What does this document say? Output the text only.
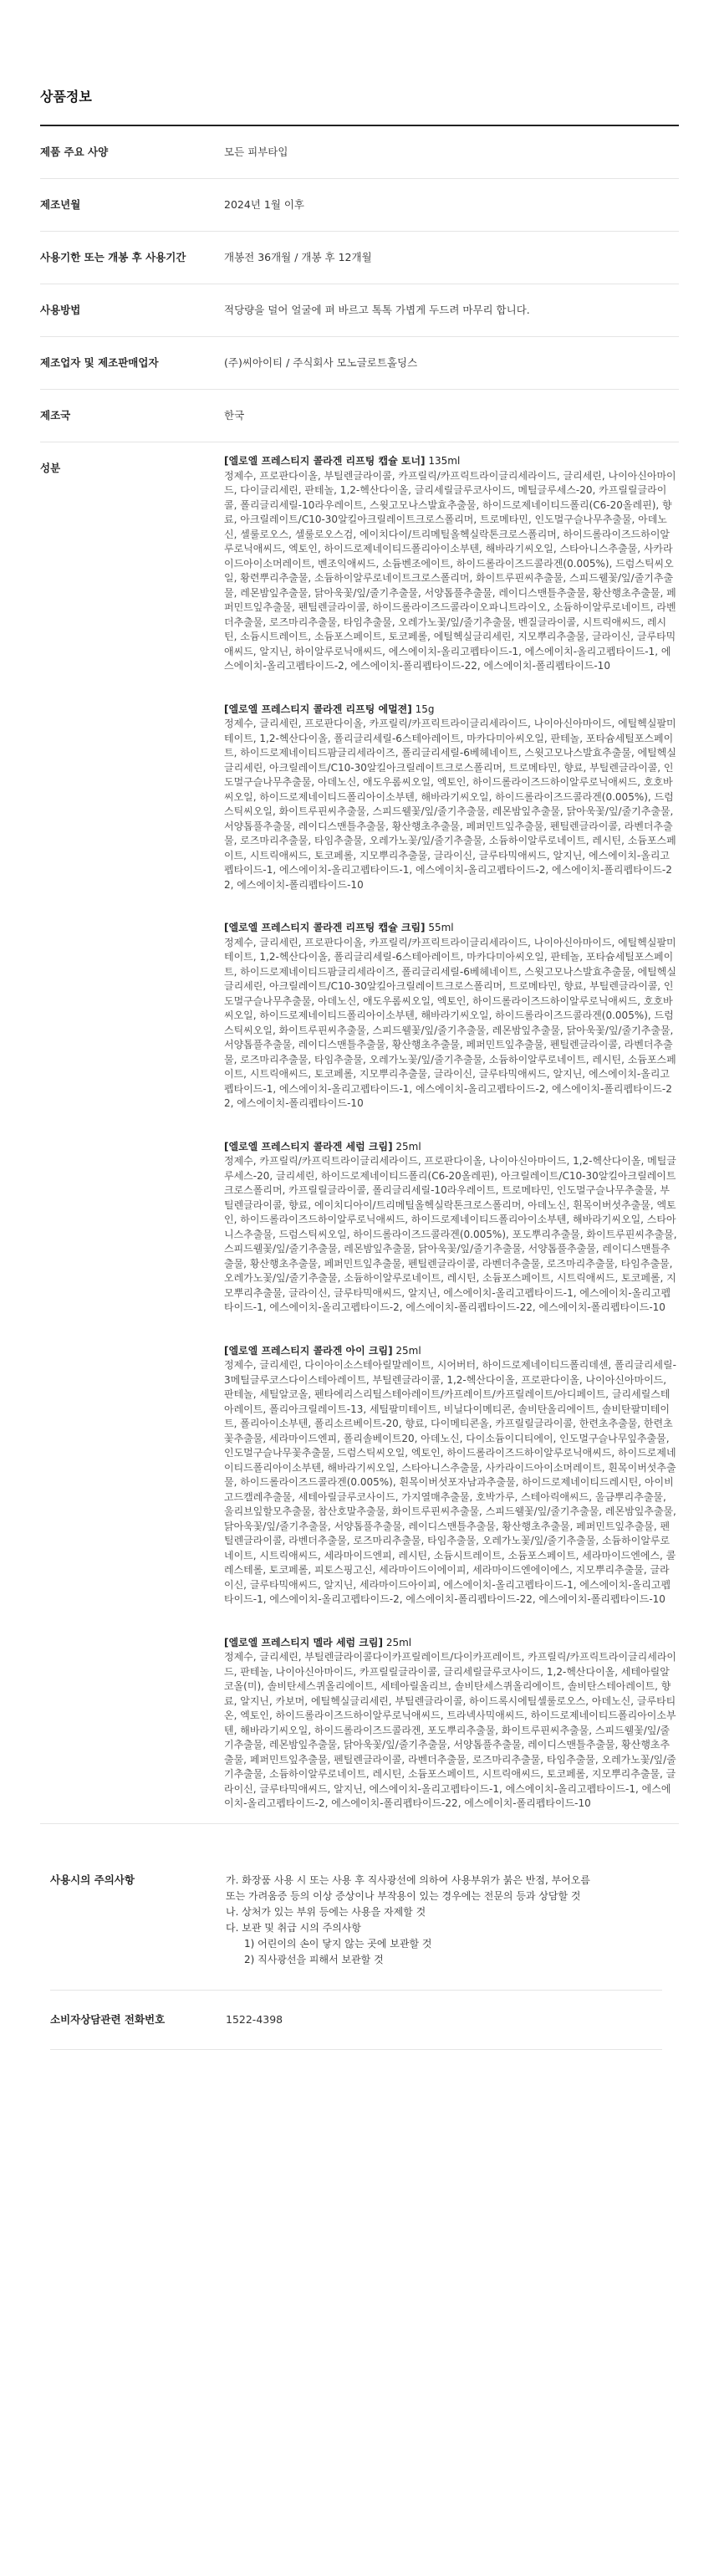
상품정보
제품 주요 사양	모든 피부타입
제조년월	2024년 1월 이후
사용기한 또는 개봉 후 사용기간	개봉전 36개월 / 개봉 후 12개월
사용방법	적당량을 덜어 얼굴에 펴 바르고 톡톡 가볍게 두드려 마무리 합니다.
제조업자 및 제조판매업자	(주)씨아이티 / 주식회사 모노글로트홀딩스
제조국	한국
성분
[엘로엘 프레스티지 콜라겐 리프팅 캡슐 토너] 135ml
정제수, 프로판다이올, 부틸렌글라이콜, 카프릴릭/카프릭트라이글리세라이드, 글리세린, 나이아신아마이드, 다이글리세린, 판테놀, 1,2-헥산다이올, 글리세릴글루코사이드, 메틸글루세스-20, 카프릴릴글라이콜, 폴리글리세릴-10라우레이트, 스윗고모나스발효추출물, 하이드로제네이티드폴리(C6-20올레핀), 향료, 아크릴레이트/C10-30알킬아크릴레이트크로스폴리머, 트로메타민, 인도멀구슬나무추출물, 아데노신, 셀룰로오스, 셀룰로오스검, 에이치다이/트리메틸올헥실락톤크로스폴리머, 하이드롤라이즈드하이알루로닉애씨드, 엑토인, 하이드로제네이티드폴리아이소부텐, 해바라기씨오일, 스타아니스추출물, 사카라이드아이소머레이트, 벤조익애씨드, 소듐벤조에이트, 하이드롤라이즈드콜라겐(0.005%), 드럼스틱씨오일, 황련뿌리추출물, 소듐하이알루로네이트크로스폴리머, 화이트루핀씨추출물, 스피드웰꽃/잎/줄기추출물, 레몬밤잎추출물, 닭아욱꽃/잎/줄기추출물, 서양톱풀추출물, 레이디스맨틀추출물, 황산행초추출물, 페퍼민트잎추출물, 펜틸렌글라이콜, 하이드롤라이즈드콜라이오파니트라이오, 소듐하이알루로네이트, 라벤더추출물, 로즈마리추출물, 타임추출물, 오레가노꽃/잎/줄기추출물, 벤질글라이콜, 시트릭애씨드, 레시틴, 소듐시트레이트, 소듐포스페이트, 토코페롤, 에틸헥실글리세린, 지모뿌리추출물, 글라이신, 글루타믹애씨드, 알지닌, 하이알루로닉애씨드, 에스에이치-올리고펩타이드-1, 에스에이치-올리고펩타이드-1, 에스에이치-올리고펩타이드-2, 에스에이치-폴리펩타이드-22, 에스에이치-폴리펩타이드-10
[엘로엘 프레스티지 콜라겐 리프팅 에멀젼] 15g
정제수, 글리세린, 프로판다이올, 카프릴릭/카프릭트라이글리세라이드, 나이아신아마이드, 에틸헥실팔미테이트, 1,2-헥산다이올, 폴리글리세릴-6스테아레이트, 마카다미아씨오일, 판테놀, 포타슘세틸포스페이트, 하이드로제네이티드팜글리세라이즈, 폴리글리세릴-6베헤네이트, 스윗고모나스발효추출물, 에틸헥실글리세린, 아크릴레이트/C10-30알킬아크릴레이트크로스폴리머, 트로메타민, 향료, 부틸렌글라이콜, 인도멀구슬나무추출물, 아데노신, 애도우롬씨오일, 엑토인, 하이드롤라이즈드하이알루로닉애씨드, 호호바씨오일, 하이드로제네이티드폴리아이소부텐, 해바라기씨오일, 하이드롤라이즈드콜라겐(0.005%), 드럼스틱씨오일, 화이트루핀씨추출물, 스피드웰꽃/잎/줄기추출물, 레몬밤잎추출물, 닭아욱꽃/잎/줄기추출물, 서양톱풀추출물, 레이디스맨틀추출물, 황산행초추출물, 페퍼민트잎추출물, 펜틸렌글라이콜, 라벤더추출물, 로즈마리추출물, 타임추출물, 오레가노꽃/잎/줄기추출물, 소듐하이알루로네이트, 레시틴, 소듐포스페이트, 시트릭애씨드, 토코페롤, 지모뿌리추출물, 글라이신, 글루타믹애씨드, 알지닌, 에스에이치-올리고펩타이드-1, 에스에이치-올리고펩타이드-1, 에스에이치-올리고펩타이드-2, 에스에이치-폴리펩타이드-22, 에스에이치-폴리펩타이드-10
[엘로엘 프레스티지 콜라겐 리프팅 캡슐 크림] 55ml
정제수, 글리세린, 프로판다이올, 카프릴릭/카프릭트라이글리세라이드, 나이아신아마이드, 에틸헥실팔미테이트, 1,2-헥산다이올, 폴리글리세릴-6스테아레이트, 마카다미아씨오일, 판테놀, 포타슘세틸포스페이트, 하이드로제네이티드팜글리세라이즈, 폴리글리세릴-6베헤네이트, 스윗고모나스발효추출물, 에틸헥실글리세린, 아크릴레이트/C10-30알킬아크릴레이트크로스폴리머, 트로메타민, 향료, 부틸렌글라이콜, 인도멀구슬나무추출물, 아데노신, 애도우롬씨오일, 엑토인, 하이드롤라이즈드하이알루로닉애씨드, 호호바씨오일, 하이드로제네이티드폴리아이소부텐, 해바라기씨오일, 하이드롤라이즈드콜라겐(0.005%), 드럼스틱씨오일, 화이트루핀씨추출물, 스피드웰꽃/잎/줄기추출물, 레몬밤잎추출물, 닭아욱꽃/잎/줄기추출물, 서양톱풀추출물, 레이디스맨틀추출물, 황산행초추출물, 페퍼민트잎추출물, 펜틸렌글라이콜, 라벤더추출물, 로즈마리추출물, 타임추출물, 오레가노꽃/잎/줄기추출물, 소듐하이알루로네이트, 레시틴, 소듐포스페이트, 시트릭애씨드, 토코페롤, 지모뿌리추출물, 글라이신, 글루타믹애씨드, 알지닌, 에스에이치-올리고펩타이드-1, 에스에이치-올리고펩타이드-1, 에스에이치-올리고펩타이드-2, 에스에이치-폴리펩타이드-22, 에스에이치-폴리펩타이드-10
[엘로엘 프레스티지 콜라겐 세럼 크림] 25ml
정제수, 카프릴릭/카프릭트라이글리세라이드, 프로판다이올, 나이아신아마이드, 1,2-헥산다이올, 메틸글루세스-20, 글리세린, 하이드로제네이티드폴리(C6-20올레핀), 아크릴레이트/C10-30알킬아크릴레이트크로스폴리머, 카프릴릴글라이콜, 폴리글리세릴-10라우레이트, 트로메타민, 인도멀구슬나무추출물, 부틸렌글라이콜, 향료, 에이치디아이/트리메틸올헥실락톤크로스폴리머, 아데노신, 흰목이버섯추출물, 엑토인, 하이드롤라이즈드하이알루로닉애씨드, 하이드로제네이티드폴리아이소부텐, 해바라기씨오일, 스타아니스추출물, 드럼스틱씨오일, 하이드롤라이즈드콜라겐(0.005%), 포도뿌리추출물, 화이트루핀씨추출물, 스피드웰꽃/잎/줄기추출물, 레몬밤잎추출물, 닭아욱꽃/잎/줄기추출물, 서양톱풀추출물, 레이디스맨틀추출물, 황산행초추출물, 페퍼민트잎추출물, 펜틸렌글라이콜, 라벤더추출물, 로즈마리추출물, 타임추출물, 오레가노꽃/잎/줄기추출물, 소듐하이알루로네이트, 레시틴, 소듐포스페이트, 시트릭애씨드, 토코페롤, 지모뿌리추출물, 글라이신, 글루타믹애씨드, 알지닌, 에스에이치-올리고펩타이드-1, 에스에이치-올리고펩타이드-1, 에스에이치-올리고펩타이드-2, 에스에이치-폴리펩타이드-22, 에스에이치-폴리펩타이드-10
[엘로엘 프레스티지 콜라겐 아이 크림] 25ml
정제수, 글리세린, 다이아이소스테아릴말레이트, 시어버터, 하이드로제네이티드폴리데센, 폴리글리세릴-3메틸글루코스다이스테아레이트, 부틸렌글라이콜, 1,2-헥산다이올, 프로판다이올, 나이아신아마이드, 판테놀, 세틸알코올, 펜타에리스리틸스테아레이트/카프레이트/카프릴레이트/아디페이트, 글리세릴스테아레이트, 폴리아크릴레이트-13, 세틸팔미테이트, 비닐다이메티콘, 솔비탄올리에이트, 솔비탄팔미테이트, 폴리아이소부텐, 폴리소르베이트-20, 향료, 다이메티콘올, 카프릴릴글라이콜, 한련초추출물, 한련초꽃추출물, 세라마이드엔피, 폴리솔베이트20, 아데노신, 다이소듐이디티에이, 인도멀구슬나무잎추출물, 인도멀구슬나무꽃추출물, 드럼스틱씨오일, 엑토인, 하이드롤라이즈드하이알루로닉애씨드, 하이드로제네이티드폴리아이소부텐, 해바라기씨오일, 스타아니스추출물, 사카라이드아이소머레이트, 흰목이버섯추출물, 하이드롤라이즈드콜라겐(0.005%), 흰목이버섯포자남과추출물, 하이드로제네이티드레시틴, 아이비고드캘레추출물, 세테아릴글루코사이드, 가지열매추출물, 호박가루, 스테아릭애씨드, 울금뿌리추출물, 울리브잎할모추출물, 참산호말추출물, 화이트루핀씨추출물, 스피드웰꽃/잎/줄기추출물, 레몬밤잎추출물, 닭아욱꽃/잎/줄기추출물, 서양톱풀추출물, 레이디스맨틀추출물, 황산행초추출물, 페퍼민트잎추출물, 펜틸렌글라이콜, 라벤더추출물, 로즈마리추출물, 타임추출물, 오레가노꽃/잎/줄기추출물, 소듐하이알루로네이트, 시트릭애씨드, 세라마이드엔피, 레시틴, 소듐시트레이트, 소듐포스페이트, 세라마이드엔에스, 콜레스테롤, 토코페롤, 피토스핑고신, 세라마이드이에이피, 세라마이드엔에이에스, 지모뿌리추출물, 글라이신, 글루타믹애씨드, 알지닌, 세라마이드아이피, 에스에이치-올리고펩타이드-1, 에스에이치-올리고펩타이드-1, 에스에이치-올리고펩타이드-2, 에스에이치-폴리펩타이드-22, 에스에이치-폴리펩타이드-10
[엘로엘 프레스티지 멜라 세럼 크림] 25ml
정제수, 글리세린, 부틸렌글라이콜다이카프릴레이트/다이카프레이트, 카프릴릭/카프릭트라이글리세라이드, 판테놀, 나이아신아마이드, 카프릴릴글라이콜, 글리세릴글루코사이드, 1,2-헥산다이올, 세테아릴알코올(미), 솔비탄세스퀴올리에이트, 세테아릴올리브, 솔비탄세스퀴올리에이트, 솔비탄스테아레이트, 향료, 알지닌, 카보머, 에틸헥실글리세린, 부틸렌글라이콜, 하이드록시에틸셀룰로오스, 아데노신, 글루타티온, 엑토인, 하이드롤라이즈드하이알루로닉애씨드, 트라넥사믹애씨드, 하이드로제네이티드폴리아이소부텐, 해바라기씨오일, 하이드롤라이즈드콜라겐, 포도뿌리추출물, 화이트루핀씨추출물, 스피드웰꽃/잎/줄기추출물, 레몬밤잎추출물, 닭아욱꽃/잎/줄기추출물, 서양톱풀추출물, 레이디스맨틀추출물, 황산행초추출물, 페퍼민트잎추출물, 펜틸렌글라이콜, 라벤더추출물, 로즈마리추출물, 타임추출물, 오레가노꽃/잎/줄기추출물, 소듐하이알루로네이트, 레시틴, 소듐포스페이트, 시트릭애씨드, 토코페롤, 지모뿌리추출물, 글라이신, 글루타믹애씨드, 알지닌, 에스에이치-올리고펩타이드-1, 에스에이치-올리고펩타이드-1, 에스에이치-올리고펩타이드-2, 에스에이치-폴리펩타이드-22, 에스에이치-폴리펩타이드-10
사용시의 주의사항	가. 화장품 사용 시 또는 사용 후 직사광선에 의하여 사용부위가 붉은 반점, 부어오름
또는 가려움증 등의 이상 증상이나 부작용이 있는 경우에는 전문의 등과 상담할 것
나. 상처가 있는 부위 등에는 사용을 자제할 것
다. 보관 및 취급 시의 주의사항
1) 어린이의 손이 닿지 않는 곳에 보관할 것
2) 직사광선을 피해서 보관할 것
소비자상담관련 전화번호	1522-4398
